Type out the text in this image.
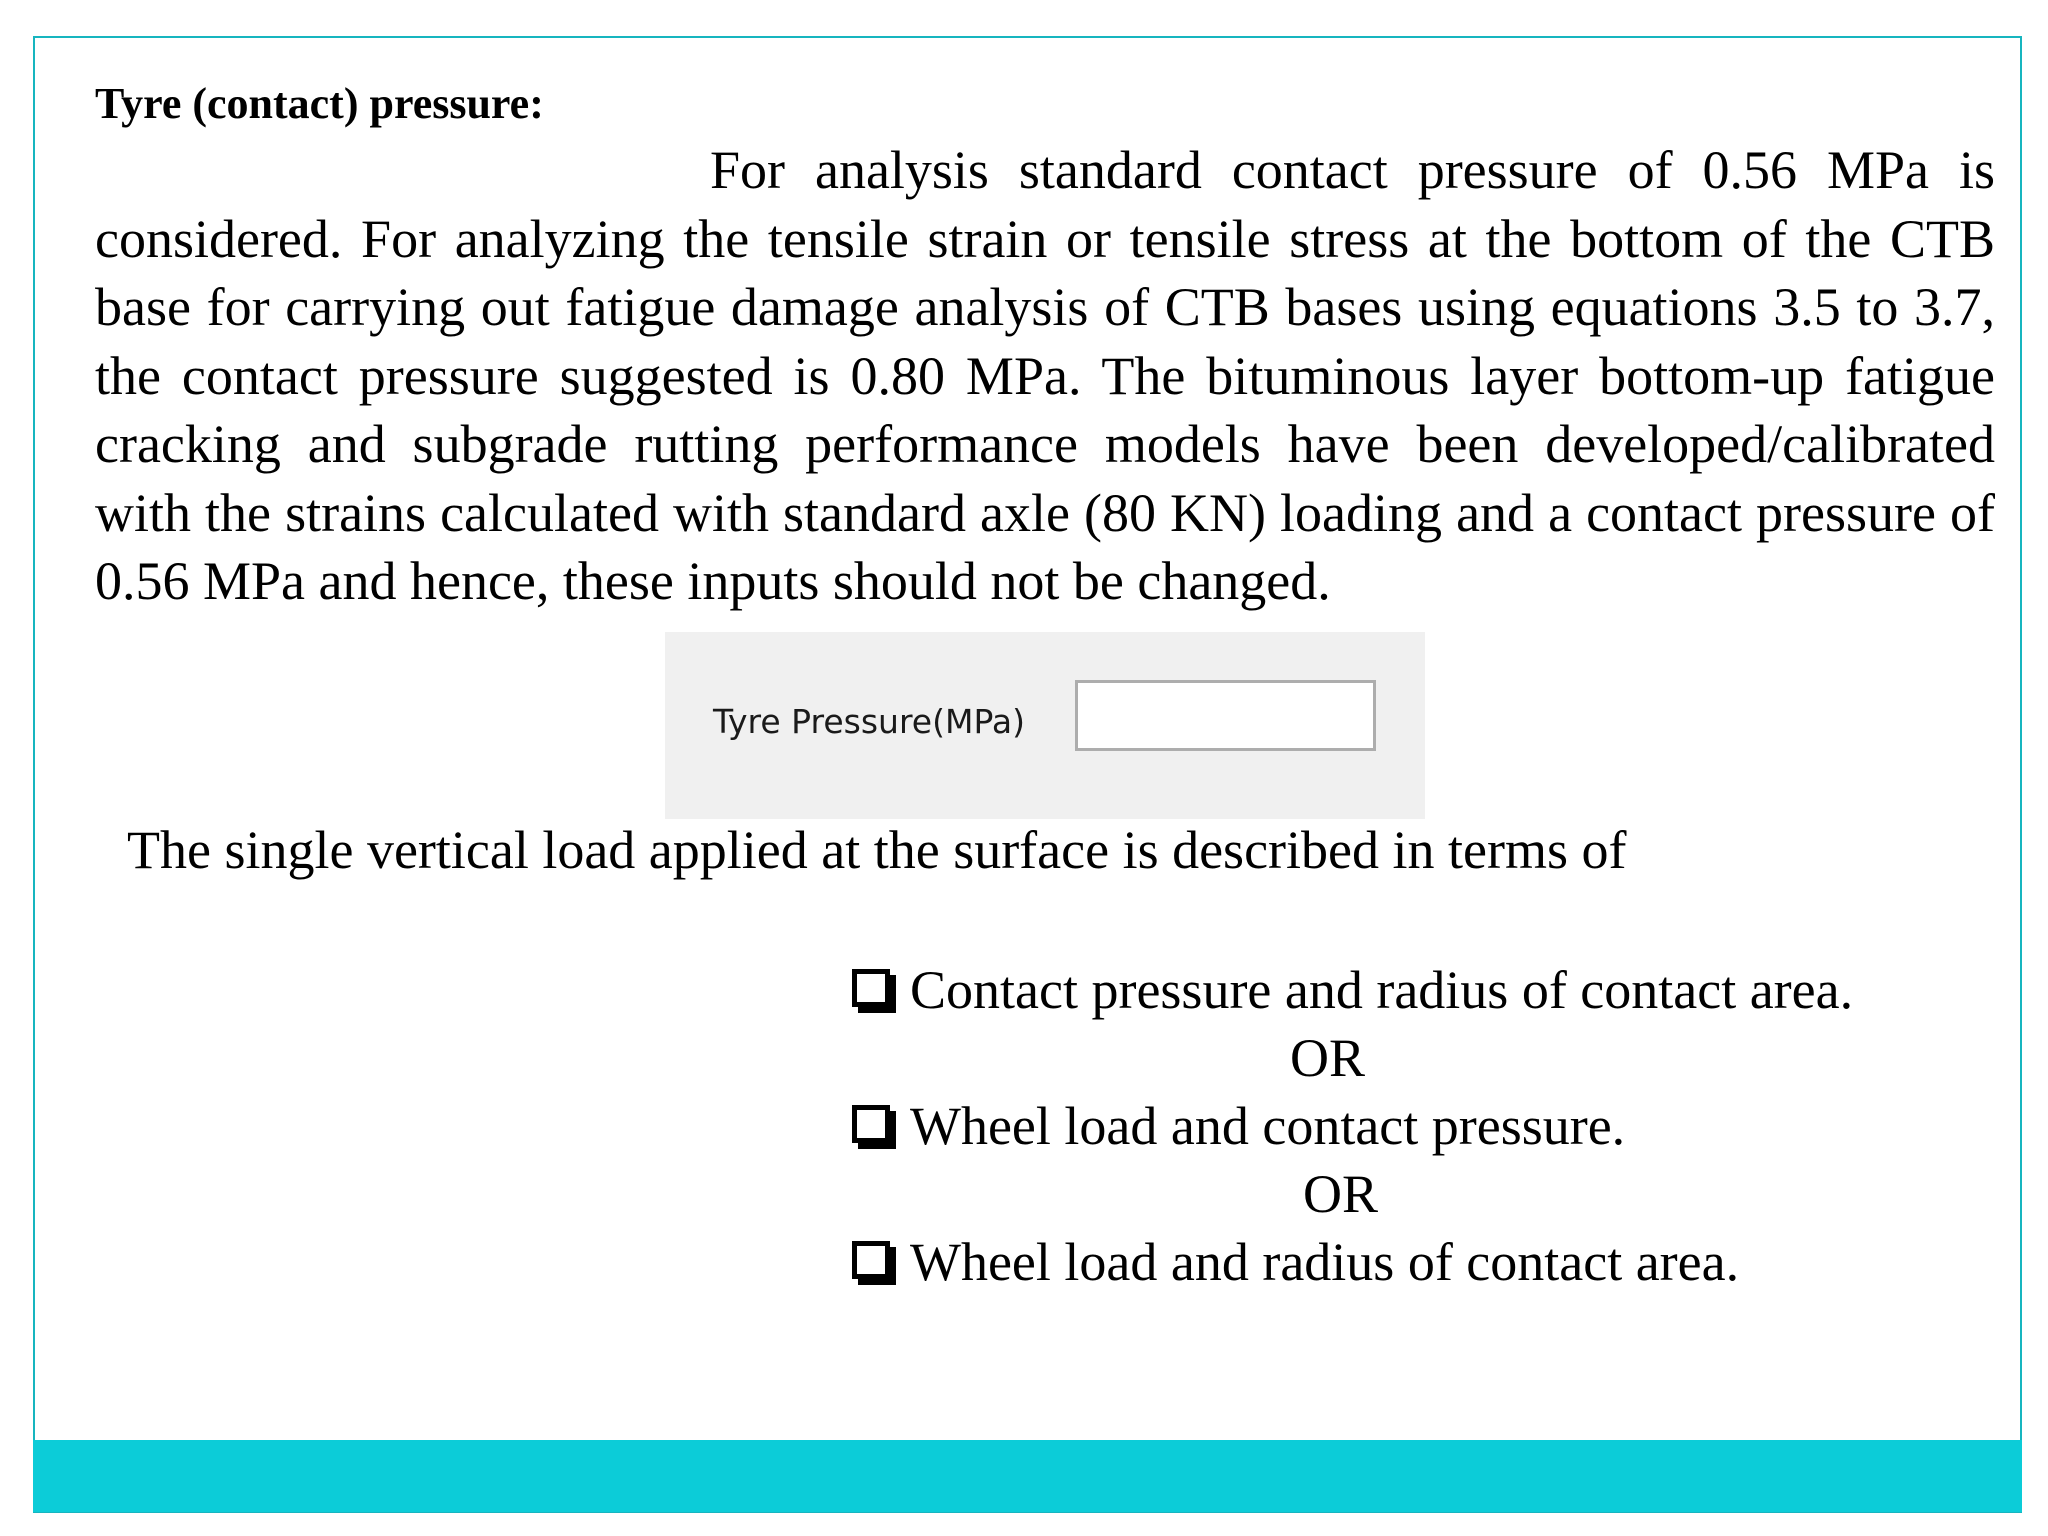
Tyre (contact) pressure:
For analysis standard contact pressure of 0.56 MPa is considered. For analyzing the tensile strain or tensile stress at the bottom of the CTB base for carrying out fatigue damage analysis of CTB bases using equations 3.5 to 3.7, the contact pressure suggested is 0.80 MPa. The bituminous layer bottom-up fatigue cracking and subgrade rutting performance models have been developed/calibrated with the strains calculated with standard axle (80 KN) loading and a contact pressure of 0.56 MPa and hence, these inputs should not be changed.
Tyre Pressure(MPa)
The single vertical load applied at the surface is described in terms of
Contact pressure and radius of contact area.
OR
Wheel load and contact pressure.
OR
Wheel load and radius of contact area.
